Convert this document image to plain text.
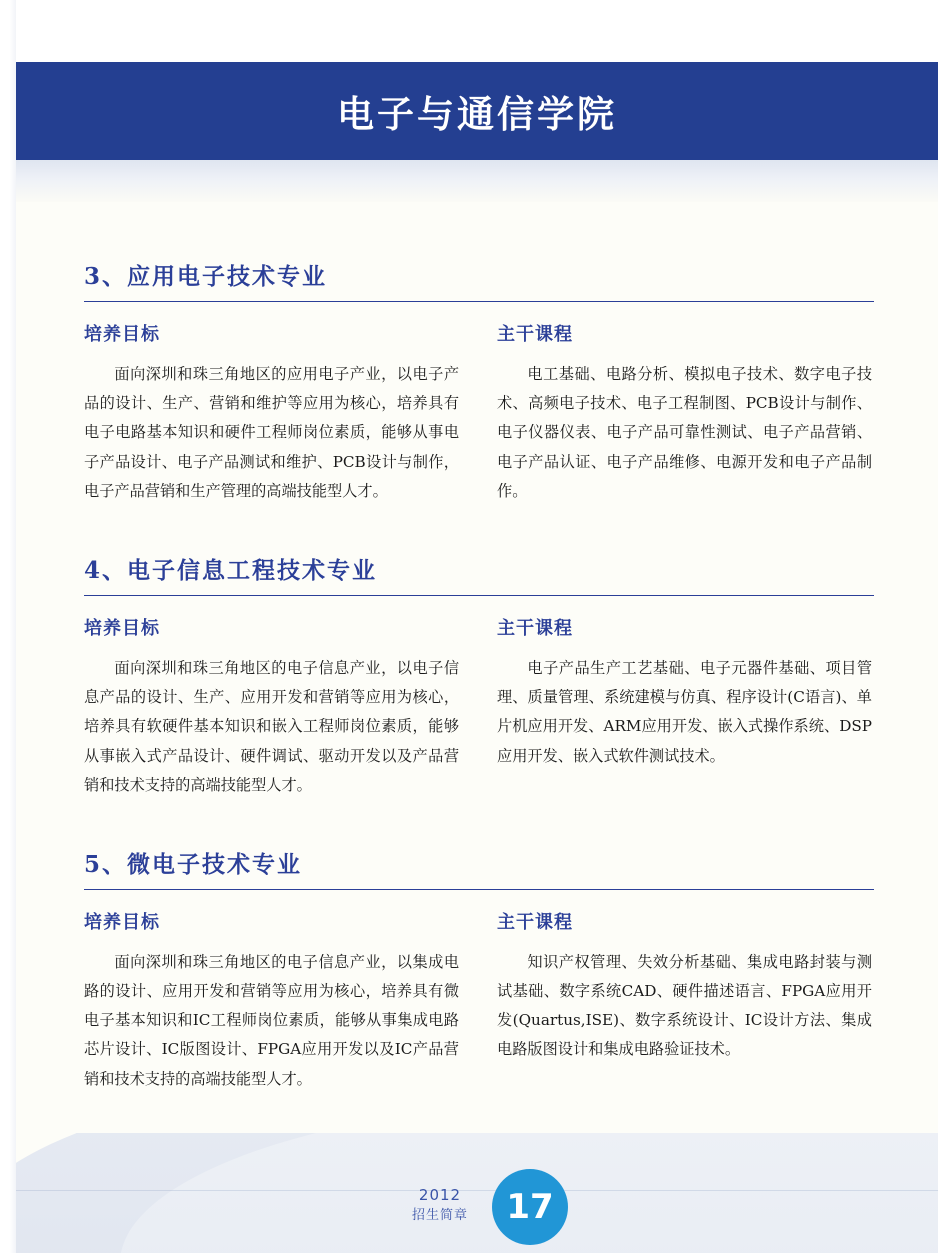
电子与通信学院
3、应用电子技术专业
培养目标
面向深圳和珠三角地区的应用电子产业，以电子产品的设计、生产、营销和维护等应用为核心，培养具有电子电路基本知识和硬件工程师岗位素质，能够从事电子产品设计、电子产品测试和维护、PCB设计与制作，电子产品营销和生产管理的高端技能型人才。
主干课程
电工基础、电路分析、模拟电子技术、数字电子技术、高频电子技术、电子工程制图、PCB设计与制作、电子仪器仪表、电子产品可靠性测试、电子产品营销、电子产品认证、电子产品维修、电源开发和电子产品制作。
4、电子信息工程技术专业
培养目标
面向深圳和珠三角地区的电子信息产业，以电子信息产品的设计、生产、应用开发和营销等应用为核心，培养具有软硬件基本知识和嵌入工程师岗位素质，能够从事嵌入式产品设计、硬件调试、驱动开发以及产品营销和技术支持的高端技能型人才。
主干课程
电子产品生产工艺基础、电子元器件基础、项目管理、质量管理、系统建模与仿真、程序设计(C语言)、单片机应用开发、ARM应用开发、嵌入式操作系统、DSP应用开发、嵌入式软件测试技术。
5、微电子技术专业
培养目标
面向深圳和珠三角地区的电子信息产业，以集成电路的设计、应用开发和营销等应用为核心，培养具有微电子基本知识和IC工程师岗位素质，能够从事集成电路芯片设计、IC版图设计、FPGA应用开发以及IC产品营销和技术支持的高端技能型人才。
主干课程
知识产权管理、失效分析基础、集成电路封装与测试基础、数字系统CAD、硬件描述语言、FPGA应用开发(Quartus,ISE)、数字系统设计、IC设计方法、集成电路版图设计和集成电路验证技术。
2012
招生简章	17
